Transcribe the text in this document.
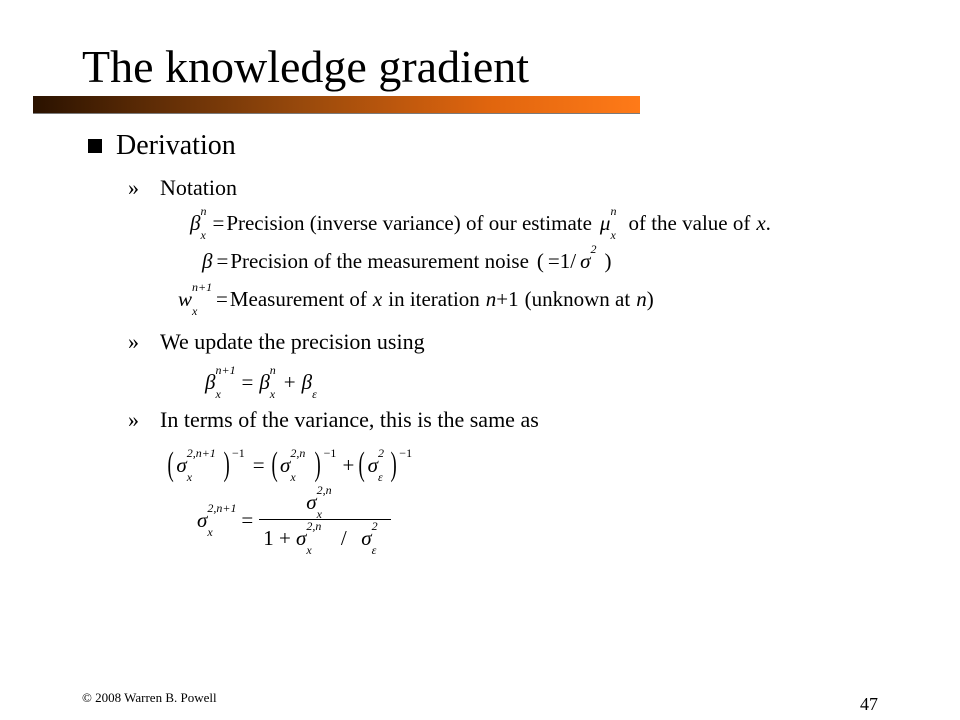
The knowledge gradient
Derivation
» Notation
β n
x = Precision (inverse variance) of our estimate μ n
x of the value of x .
β = Precision of the measurement noise ( = 1/ σ 2 )
w n+1
x = Measurement of x in iteration n +1 (unknown at n )
» We update the precision using
β n+1
x = β n
x + β ε
» In terms of the variance, this is the same as
( σ 2,n+1
x ) −1 = ( σ 2,n
x ) −1 + ( σ 2
ε ) −1
σ 2,n+1
x = σ 2,n
x

1 + σ 2,n
x / σ 2
ε

© 2008 Warren B. Powell	47
